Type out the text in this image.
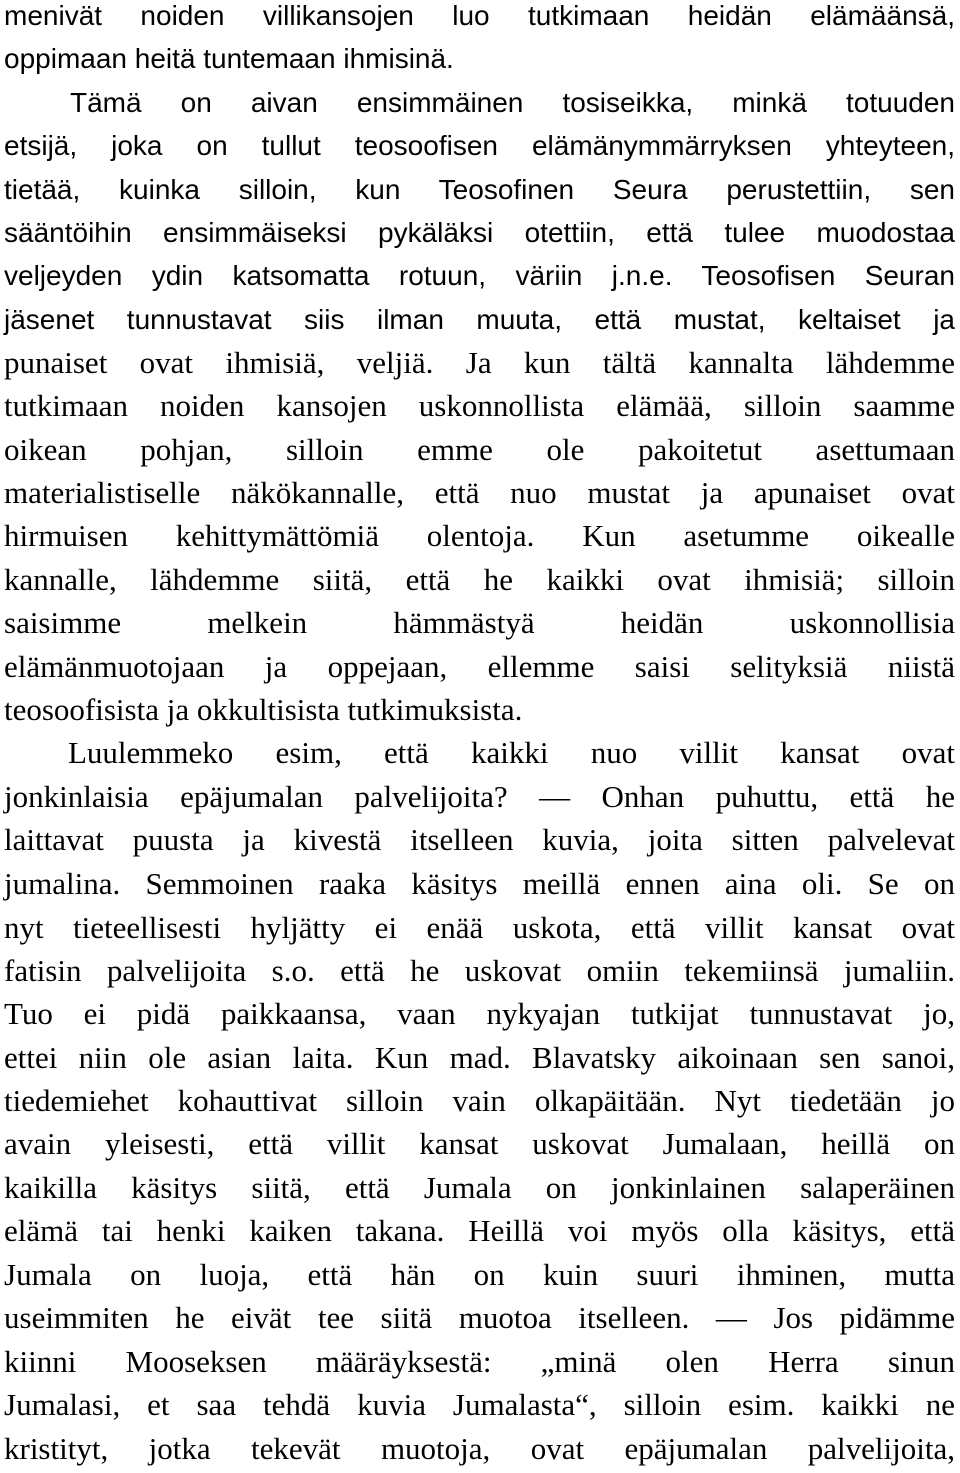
menivät noiden villikansojen luo tutkimaan heidän elämäänsä,
oppimaan heitä tuntemaan ihmisinä.
Tämä on aivan ensimmäinen tosiseikka, minkä totuuden
etsijä, joka on tullut teosoofisen elämänymmärryksen yhteyteen,
tietää, kuinka silloin, kun Teosofinen Seura perustettiin, sen
sääntöihin ensimmäiseksi pykäläksi otettiin, että tulee muodostaa
veljeyden ydin katsomatta rotuun, väriin j.n.e. Teosofisen Seuran
jäsenet tunnustavat siis ilman muuta, että mustat, keltaiset ja
punaiset ovat ihmisiä, veljiä. Ja kun tältä kannalta lähdemme
tutkimaan noiden kansojen uskonnollista elämää, silloin saamme
oikean pohjan, silloin emme ole pakoitetut asettumaan
materialistiselle näkökannalle, että nuo mustat ja apunaiset ovat
hirmuisen kehittymättömiä olentoja. Kun asetumme oikealle
kannalle, lähdemme siitä, että he kaikki ovat ihmisiä; silloin
saisimme melkein hämmästyä heidän uskonnollisia
elämänmuotojaan ja oppejaan, ellemme saisi selityksiä niistä
teosoofisista ja okkultisista tutkimuksista.
Luulemmeko esim, että kaikki nuo villit kansat ovat
jonkinlaisia epäjumalan palvelijoita? — Onhan puhuttu, että he
laittavat puusta ja kivestä itselleen kuvia, joita sitten palvelevat
jumalina. Semmoinen raaka käsitys meillä ennen aina oli. Se on
nyt tieteellisesti hyljätty ei enää uskota, että villit kansat ovat
fatisin palvelijoita s.o. että he uskovat omiin tekemiinsä jumaliin.
Tuo ei pidä paikkaansa, vaan nykyajan tutkijat tunnustavat jo,
ettei niin ole asian laita. Kun mad. Blavatsky aikoinaan sen sanoi,
tiedemiehet kohauttivat silloin vain olkapäitään. Nyt tiedetään jo
avain yleisesti, että villit kansat uskovat Jumalaan, heillä on
kaikilla käsitys siitä, että Jumala on jonkinlainen salaperäinen
elämä tai henki kaiken takana. Heillä voi myös olla käsitys, että
Jumala on luoja, että hän on kuin suuri ihminen, mutta
useimmiten he eivät tee siitä muotoa itselleen. — Jos pidämme
kiinni Mooseksen määräyksestä: „minä olen Herra sinun
Jumalasi, et saa tehdä kuvia Jumalasta“, silloin esim. kaikki ne
kristityt, jotka tekevät muotoja, ovat epäjumalan palvelijoita,
